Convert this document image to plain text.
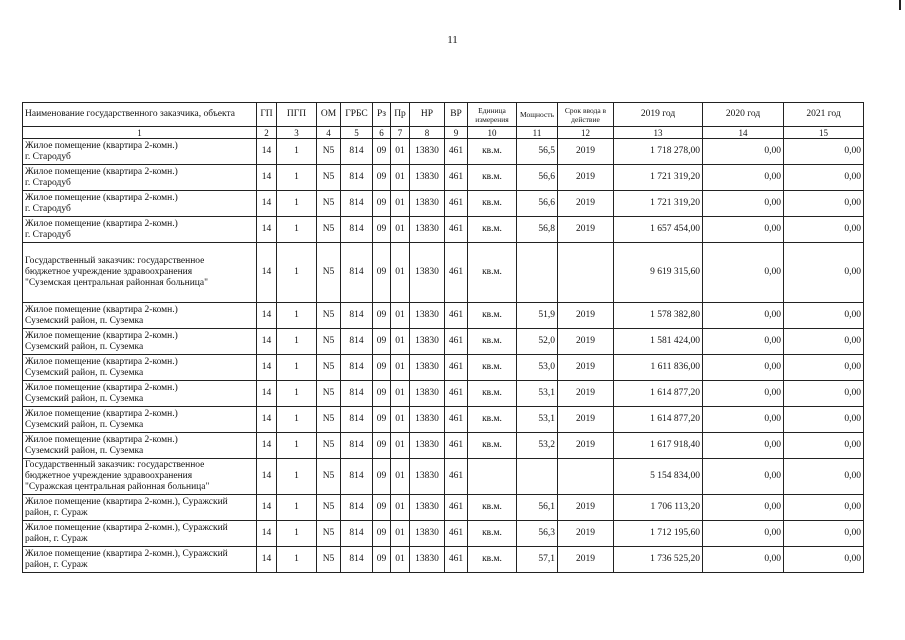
11
Наименование государственного заказчика, объекта	ГП	ПГП	ОМ	ГРБС	Рз	Пр	НР	ВР	Единица измерения	Мощность	Срок ввода в действие	2019 год	2020 год	2021 год
1	2	3	4	5	6	7	8	9	10	11	12	13	14	15
Жилое помещение (квартира 2-комн.)
г. Стародуб	14	1	N5	814	09	01	13830	461	кв.м.	56,5	2019	1 718 278,00	0,00	0,00
Жилое помещение (квартира 2-комн.)
г. Стародуб	14	1	N5	814	09	01	13830	461	кв.м.	56,6	2019	1 721 319,20	0,00	0,00
Жилое помещение (квартира 2-комн.)
г. Стародуб	14	1	N5	814	09	01	13830	461	кв.м.	56,6	2019	1 721 319,20	0,00	0,00
Жилое помещение (квартира 2-комн.)
г. Стародуб	14	1	N5	814	09	01	13830	461	кв.м.	56,8	2019	1 657 454,00	0,00	0,00
Государственный заказчик: государственное
бюджетное учреждение здравоохранения
"Суземская центральная районная больница"	14	1	N5	814	09	01	13830	461	кв.м.			9 619 315,60	0,00	0,00
Жилое помещение (квартира 2-комн.)
Суземский район, п. Суземка	14	1	N5	814	09	01	13830	461	кв.м.	51,9	2019	1 578 382,80	0,00	0,00
Жилое помещение (квартира 2-комн.)
Суземский район, п. Суземка	14	1	N5	814	09	01	13830	461	кв.м.	52,0	2019	1 581 424,00	0,00	0,00
Жилое помещение (квартира 2-комн.)
Суземский район, п. Суземка	14	1	N5	814	09	01	13830	461	кв.м.	53,0	2019	1 611 836,00	0,00	0,00
Жилое помещение (квартира 2-комн.)
Суземский район, п. Суземка	14	1	N5	814	09	01	13830	461	кв.м.	53,1	2019	1 614 877,20	0,00	0,00
Жилое помещение (квартира 2-комн.)
Суземский район, п. Суземка	14	1	N5	814	09	01	13830	461	кв.м.	53,1	2019	1 614 877,20	0,00	0,00
Жилое помещение (квартира 2-комн.)
Суземский район, п. Суземка	14	1	N5	814	09	01	13830	461	кв.м.	53,2	2019	1 617 918,40	0,00	0,00
Государственный заказчик: государственное
бюджетное учреждение здравоохранения
"Суражская центральная районная больница"	14	1	N5	814	09	01	13830	461				5 154 834,00	0,00	0,00
Жилое помещение (квартира 2-комн.), Суражский
район, г. Сураж	14	1	N5	814	09	01	13830	461	кв.м.	56,1	2019	1 706 113,20	0,00	0,00
Жилое помещение (квартира 2-комн.), Суражский
район, г. Сураж	14	1	N5	814	09	01	13830	461	кв.м.	56,3	2019	1 712 195,60	0,00	0,00
Жилое помещение (квартира 2-комн.), Суражский
район, г. Сураж	14	1	N5	814	09	01	13830	461	кв.м.	57,1	2019	1 736 525,20	0,00	0,00
